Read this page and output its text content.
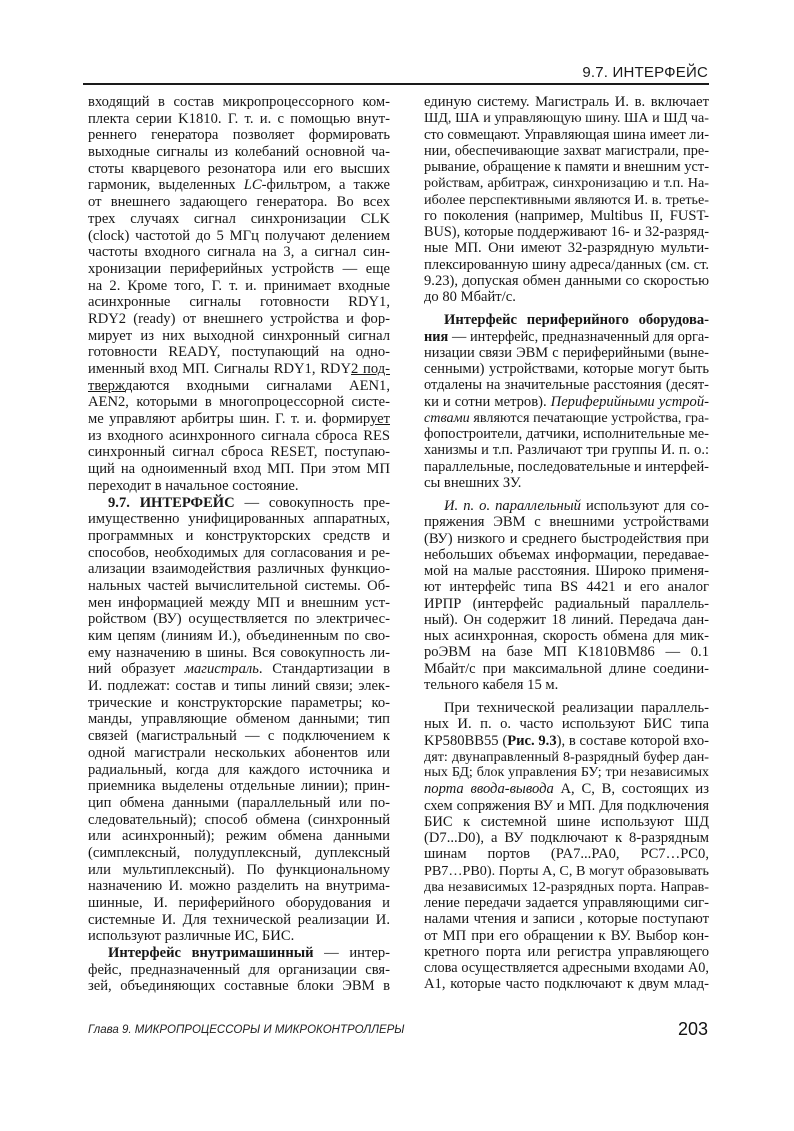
9.7. ИНТЕРФЕЙС
входящий в состав микропроцессорного ком-
плекта серии K1810. Г. т. и. с помощью внут-
реннего генератора позволяет формировать
выходные сигналы из колебаний основной ча-
стоты кварцевого резонатора или его высших
гармоник, выделенных LC-фильтром, а также
от внешнего задающего генератора. Во всех
трех случаях сигнал синхронизации CLK
(clock) частотой до 5 МГц получают делением
частоты входного сигнала на 3, а сигнал син-
хронизации периферийных устройств — еще
на 2. Кроме того, Г. т. и. принимает входные
асинхронные сигналы готовности RDY1,
RDY2 (ready) от внешнего устройства и фор-
мирует из них выходной синхронный сигнал
готовности READY, поступающий на одно-
именный вход МП. Сигналы RDY1, RDY2 под-
тверждаются входными сигналами AEN1,
AEN2, которыми в многопроцессорной систе-
ме управляют арбитры шин. Г. т. и. формирует
из входного асинхронного сигнала сброса RES
синхронный сигнал сброса RESET, поступаю-
щий на одноименный вход МП. При этом МП
переходит в начальное состояние.
9.7. ИНТЕРФЕЙС — совокупность пре-
имущественно унифицированных аппаратных,
программных и конструкторских средств и
способов, необходимых для согласования и ре-
ализации взаимодействия различных функцио-
нальных частей вычислительной системы. Об-
мен информацией между МП и внешним уст-
ройством (ВУ) осуществляется по электричес-
ким цепям (линиям И.), объединенным по сво-
ему назначению в шины. Вся совокупность ли-
ний образует магистраль. Стандартизации в
И. подлежат: состав и типы линий связи; элек-
трические и конструкторские параметры; ко-
манды, управляющие обменом данными; тип
связей (магистральный — с подключением к
одной магистрали нескольких абонентов или
радиальный, когда для каждого источника и
приемника выделены отдельные линии); прин-
цип обмена данными (параллельный или по-
следовательный); способ обмена (синхронный
или асинхронный); режим обмена данными
(симплексный, полудуплексный, дуплексный
или мультиплексный). По функциональному
назначению И. можно разделить на внутрима-
шинные, И. периферийного оборудования и
системные И. Для технической реализации И.
используют различные ИС, БИС.
Интерфейс внутримашинный — интер-
фейс, предназначенный для организации свя-
зей, объединяющих составные блоки ЭВМ в
единую систему. Магистраль И. в. включает
ШД, ША и управляющую шину. ША и ШД ча-
сто совмещают. Управляющая шина имеет ли-
нии, обеспечивающие захват магистрали, пре-
рывание, обращение к памяти и внешним уст-
ройствам, арбитраж, синхронизацию и т.п. На-
иболее перспективными являются И. в. третье-
го поколения (например, Multibus II, FUST-
BUS), которые поддерживают 16- и 32-разряд-
ные МП. Они имеют 32-разрядную мульти-
плексированную шину адреса/данных (см. ст.
9.23), допуская обмен данными со скоростью
до 80 Мбайт/с.
Интерфейс периферийного оборудова-
ния — интерфейс, предназначенный для орга-
низации связи ЭВМ с периферийными (выне-
сенными) устройствами, которые могут быть
отдалены на значительные расстояния (десят-
ки и сотни метров). Периферийными устрой-
ствами являются печатающие устройства, гра-
фопостроители, датчики, исполнительные ме-
ханизмы и т.п. Различают три группы И. п. о.:
параллельные, последовательные и интерфей-
сы внешних ЗУ.
И. п. о. параллельный используют для со-
пряжения ЭВМ с внешними устройствами
(ВУ) низкого и среднего быстродействия при
небольших объемах информации, передавае-
мой на малые расстояния. Широко применя-
ют интерфейс типа BS 4421 и его аналог
ИРПР (интерфейс радиальный параллель-
ный). Он содержит 18 линий. Передача дан-
ных асинхронная, скорость обмена для мик-
роЭВМ на базе МП K1810BM86 — 0.1
Мбайт/с при максимальной длине соедини-
тельного кабеля 15 м.
При технической реализации параллель-
ных И. п. о. часто используют БИС типа
KP580BB55 (Рис. 9.3), в составе которой вхо-
дят: двунаправленный 8-разрядный буфер дан-
ных БД; блок управления БУ; три независимых
порта ввода-вывода A, C, B, состоящих из
схем сопряжения ВУ и МП. Для подключения
БИС к системной шине используют ШД
(D7...D0), а ВУ подключают к 8-разрядным
шинам портов (PA7...PA0, PC7…PC0,
PB7…PB0). Порты A, C, B могут образовывать
два независимых 12-разрядных порта. Направ-
ление передачи задается управляющими сиг-
налами чтения и записи , которые поступают
от МП при его обращении к ВУ. Выбор кон-
кретного порта или регистра управляющего
слова осуществляется адресными входами A0,
A1, которые часто подключают к двум млад-
Глава 9. МИКРОПРОЦЕССОРЫ И МИКРОКОНТРОЛЛЕРЫ	203
